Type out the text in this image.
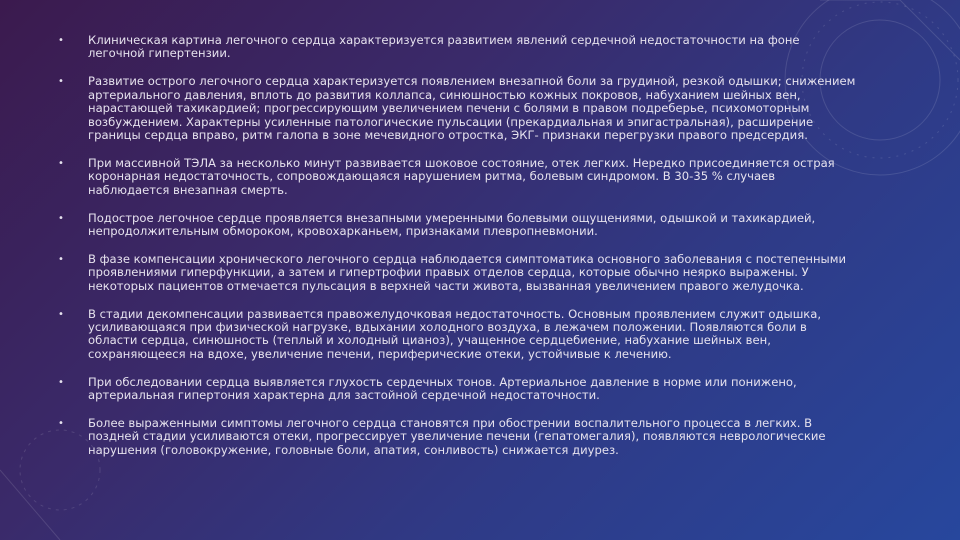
• Клиническая картина легочного сердца характеризуется развитием явлений сердечной недостаточности на фоне легочной гипертензии.
• Развитие острого легочного сердца характеризуется появлением внезапной боли за грудиной, резкой одышки; снижением артериального давления, вплоть до развития коллапса, синюшностью кожных покровов, набуханием шейных вен, нарастающей тахикардией; прогрессирующим увеличением печени с болями в правом подреберье, психомоторным возбуждением. Характерны усиленные патологические пульсации (прекардиальная и эпигастральная), расширение границы сердца вправо, ритм галопа в зоне мечевидного отростка, ЭКГ- признаки перегрузки правого предсердия.
• При массивной ТЭЛА за несколько минут развивается шоковое состояние, отек легких. Нередко присоединяется острая коронарная недостаточность, сопровождающаяся нарушением ритма, болевым синдромом. В 30-35 % случаев наблюдается внезапная смерть.
• Подострое легочное сердце проявляется внезапными умеренными болевыми ощущениями, одышкой и тахикардией, непродолжительным обмороком, кровохарканьем, признаками плевропневмонии.
• В фазе компенсации хронического легочного сердца наблюдается симптоматика основного заболевания с постепенными проявлениями гиперфункции, а затем и гипертрофии правых отделов сердца, которые обычно неярко выражены. У некоторых пациентов отмечается пульсация в верхней части живота, вызванная увеличением правого желудочка.
• В стадии декомпенсации развивается правожелудочковая недостаточность. Основным проявлением служит одышка, усиливающаяся при физической нагрузке, вдыхании холодного воздуха, в лежачем положении. Появляются боли в области сердца, синюшность (теплый и холодный цианоз), учащенное сердцебиение, набухание шейных вен, сохраняющееся на вдохе, увеличение печени, периферические отеки, устойчивые к лечению.
• При обследовании сердца выявляется глухость сердечных тонов. Артериальное давление в норме или понижено, артериальная гипертония характерна для застойной сердечной недостаточности.
• Более выраженными симптомы легочного сердца становятся при обострении воспалительного процесса в легких. В поздней стадии усиливаются отеки, прогрессирует увеличение печени (гепатомегалия), появляются неврологические нарушения (головокружение, головные боли, апатия, сонливость) снижается диурез.
